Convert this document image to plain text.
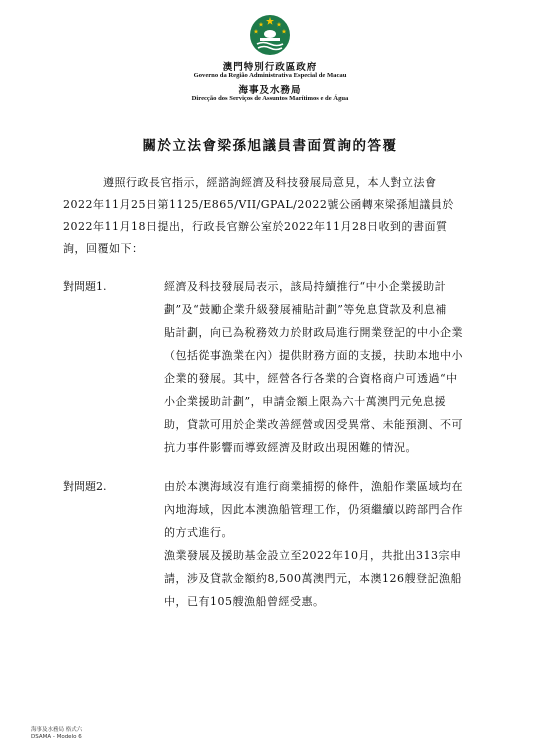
澳門特別行政區政府
Governo da Região Administrativa Especial de Macau
海事及水務局
Direcção dos Serviços de Assuntos Marítimos e de Água
關於立法會梁孫旭議員書面質詢的答覆
遵照行政長官指示，經諮詢經濟及科技發展局意見，本人對立法會
2022年11月25日第1125/E865/VII/GPAL/2022號公函轉來梁孫旭議員於
2022年11月18日提出，行政長官辦公室於2022年11月28日收到的書面質
詢，回覆如下：
對問題1.	經濟及科技發展局表示，該局持續推行“中小企業援助計
劃”及“鼓勵企業升級發展補貼計劃”等免息貸款及利息補
貼計劃，向已為稅務效力於財政局進行開業登記的中小企業
（包括從事漁業在內）提供財務方面的支援，扶助本地中小
企業的發展。其中，經營各行各業的合資格商户可透過“中
小企業援助計劃”，申請金額上限為六十萬澳門元免息援
助，貸款可用於企業改善經營或因受異常、未能預測、不可
抗力事件影響而導致經濟及財政出現困難的情況。
對問題2.	由於本澳海域沒有進行商業捕撈的條件，漁船作業區域均在
內地海域，因此本澳漁船管理工作，仍須繼續以跨部門合作
的方式進行。
漁業發展及援助基金設立至2022年10月，共批出313宗申
請，涉及貸款金額約8,500萬澳門元，本澳126艘登記漁船
中，已有105艘漁船曾經受惠。
海事及水務局 格式六
DSAMA - Modelo 6
